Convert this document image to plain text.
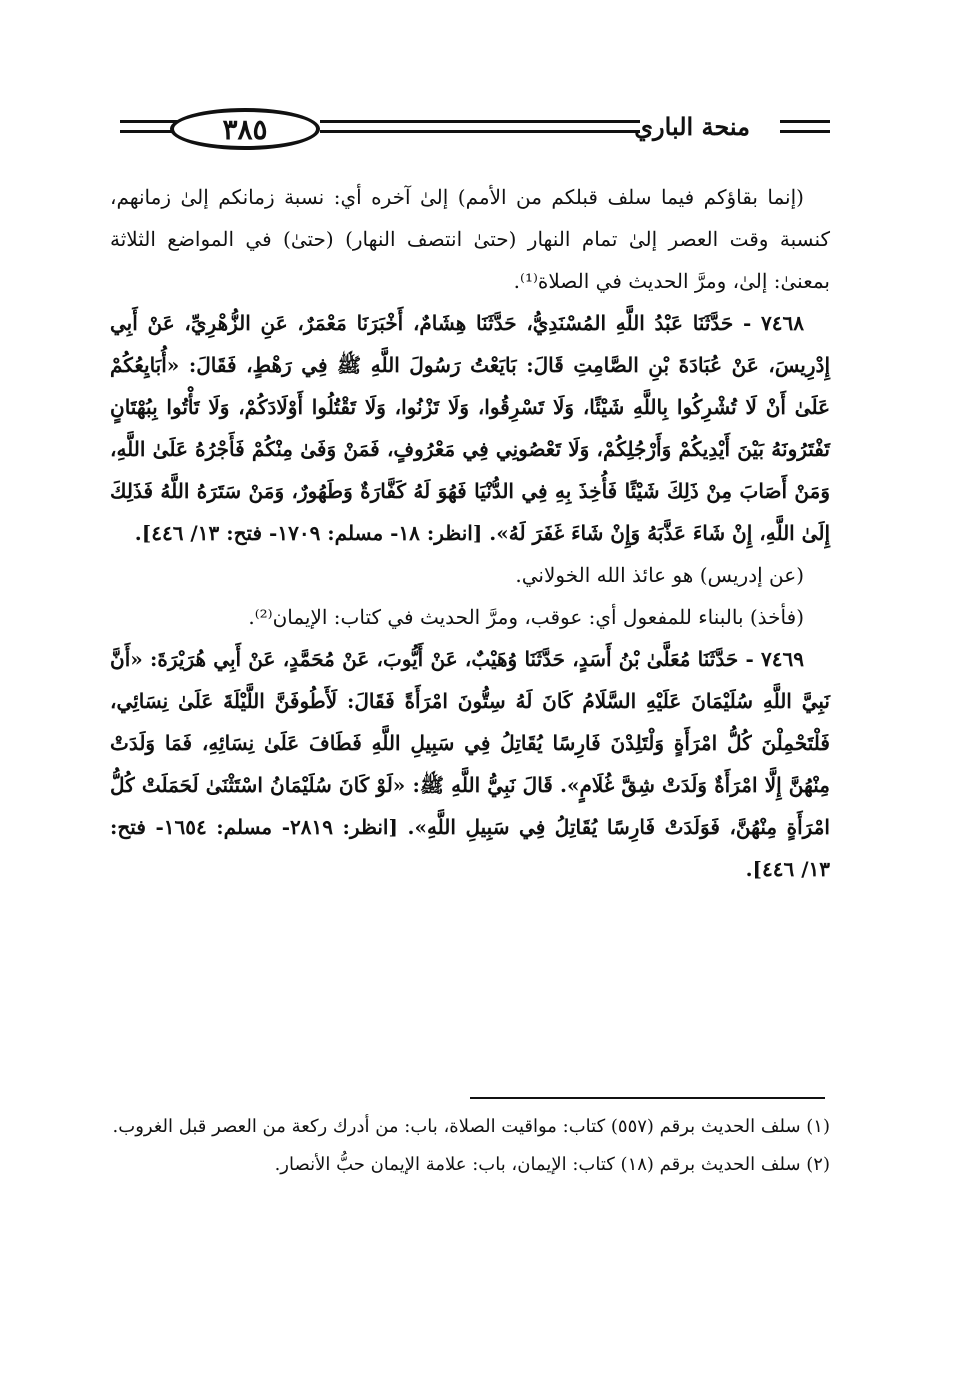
٣٨٥	منحة الباري

(إنما بقاؤكم فيما سلف قبلكم من الأمم) إلىٰ آخره أي: نسبة زمانكم إلىٰ زمانهم، كنسبة وقت العصر إلىٰ تمام النهار (حتىٰ انتصف النهار) (حتىٰ) في المواضع الثلاثة بمعنىٰ: إلىٰ، ومرَّ الحديث في الصلاة⁽¹⁾.

٧٤٦٨ - حَدَّثَنَا عَبْدُ اللَّهِ المُسْنَدِيُّ، حَدَّثَنَا هِشَامٌ، أَخْبَرَنَا مَعْمَرٌ، عَنِ الزُّهْرِيِّ، عَنْ أَبِي إِدْرِيسَ، عَنْ عُبَادَةَ بْنِ الصَّامِتِ قَالَ: بَايَعْتُ رَسُولَ اللَّهِ ﷺ فِي رَهْطٍ، فَقَالَ: «أُبَايِعُكُمْ عَلَىٰ أَنْ لَا تُشْرِكُوا بِاللَّهِ شَيْئًا، وَلَا تَسْرِقُوا، وَلَا تَزْنُوا، وَلَا تَقْتُلُوا أَوْلَادَكُمْ، وَلَا تَأْتُوا بِبُهْتَانٍ تَفْتَرُونَهُ بَيْنَ أَيْدِيكُمْ وَأَرْجُلِكُمْ، وَلَا تَعْصُونِي فِي مَعْرُوفٍ، فَمَنْ وَفَىٰ مِنْكُمْ فَأَجْرُهُ عَلَىٰ اللَّهِ، وَمَنْ أَصَابَ مِنْ ذَلِكَ شَيْئًا فَأُخِذَ بِهِ فِي الدُّنْيَا فَهُوَ لَهُ كَفَّارَةٌ وَطَهُورٌ، وَمَنْ سَتَرَهُ اللَّهُ فَذَلِكَ إِلَىٰ اللَّهِ، إِنْ شَاءَ عَذَّبَهُ وَإِنْ شَاءَ غَفَرَ لَهُ». [انظر: ١٨- مسلم: ١٧٠٩- فتح: ١٣/ ٤٤٦].

(عن إدريس) هو عائذ الله الخولاني.

(فأخذ) بالبناء للمفعول أي: عوقب، ومرَّ الحديث في كتاب: الإيمان⁽²⁾.

٧٤٦٩ - حَدَّثَنَا مُعَلَّىٰ بْنُ أَسَدٍ، حَدَّثَنَا وُهَيْبٌ، عَنْ أَيُّوبَ، عَنْ مُحَمَّدٍ، عَنْ أَبِي هُرَيْرَةَ: «أَنَّ نَبِيَّ اللَّهِ سُلَيْمَانَ عَلَيْهِ السَّلَامُ كَانَ لَهُ سِتُّونَ امْرَأَةً فَقَالَ: لَأَطُوفَنَّ اللَّيْلَةَ عَلَىٰ نِسَائِي، فَلْتَحْمِلْنَ كُلُّ امْرَأَةٍ وَلْتَلِدْنَ فَارِسًا يُقَاتِلُ فِي سَبِيلِ اللَّهِ فَطَافَ عَلَىٰ نِسَائِهِ، فَمَا وَلَدَتْ مِنْهُنَّ إِلَّا امْرَأَةٌ وَلَدَتْ شِقَّ غُلَامٍ». قَالَ نَبِيُّ اللَّهِ ﷺ: «لَوْ كَانَ سُلَيْمَانُ اسْتَثْنَىٰ لَحَمَلَتْ كُلُّ امْرَأَةٍ مِنْهُنَّ، فَوَلَدَتْ فَارِسًا يُقَاتِلُ فِي سَبِيلِ اللَّهِ». [انظر: ٢٨١٩- مسلم: ١٦٥٤- فتح: ١٣/ ٤٤٦].

(١) سلف الحديث برقم (٥٥٧) كتاب: مواقيت الصلاة، باب: من أدرك ركعة من العصر قبل الغروب.

(٢) سلف الحديث برقم (١٨) كتاب: الإيمان، باب: علامة الإيمان حبُّ الأنصار.
